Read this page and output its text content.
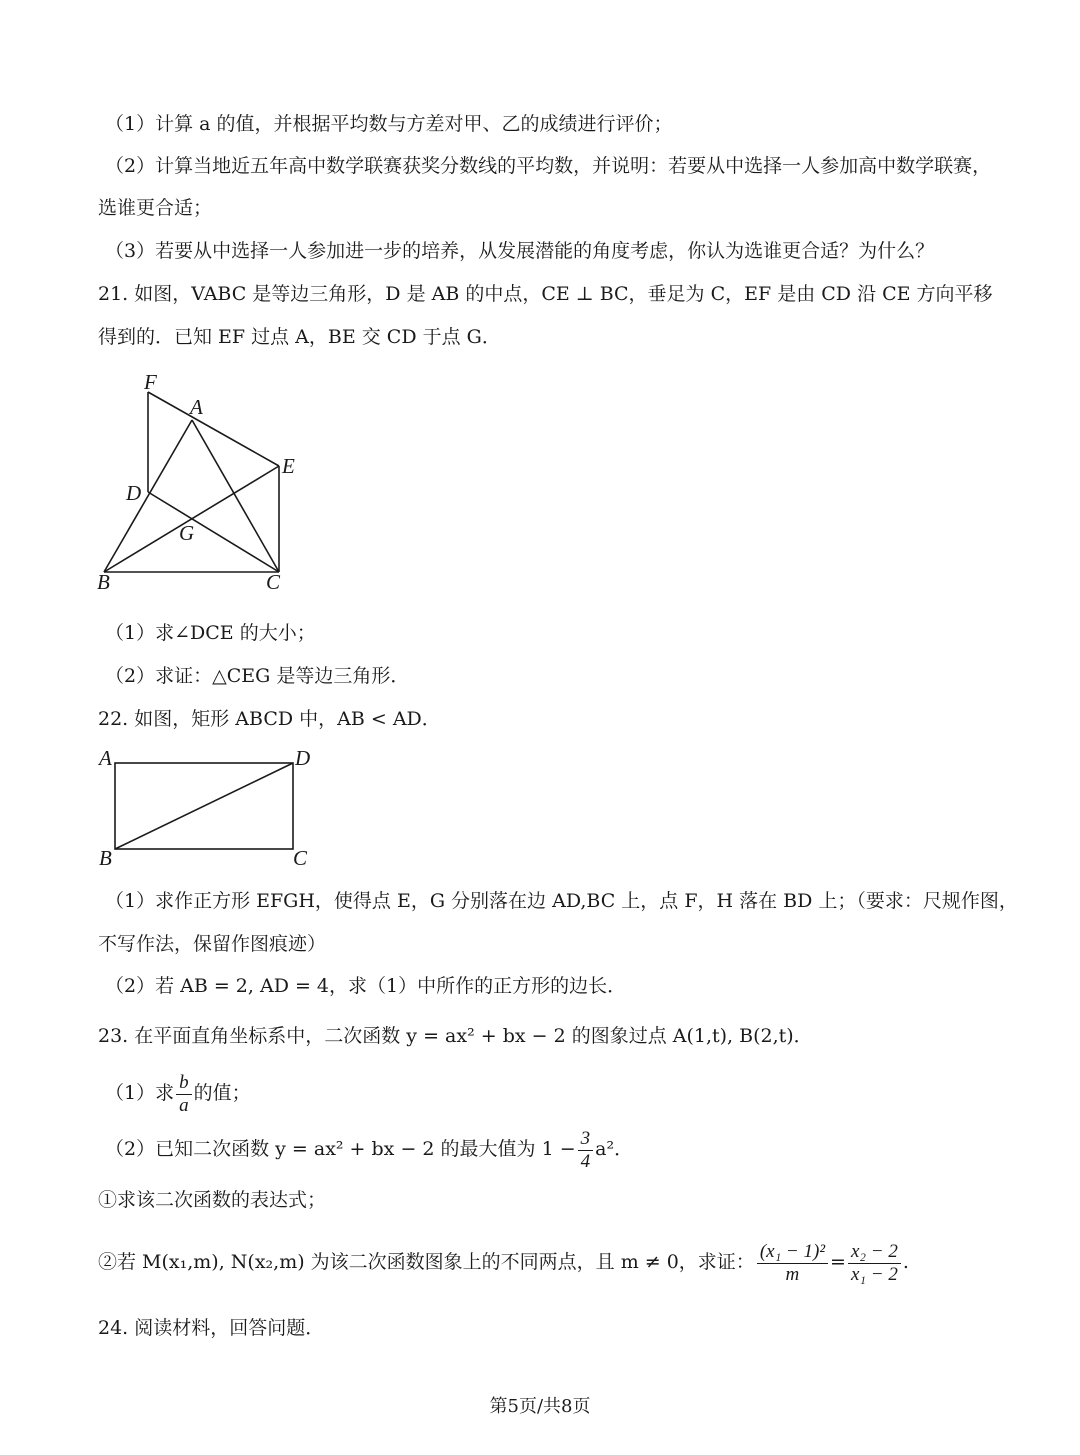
（1）计算 a 的值，并根据平均数与方差对甲、乙的成绩进行评价；
（2）计算当地近五年高中数学联赛获奖分数线的平均数，并说明：若要从中选择一人参加高中数学联赛，
选谁更合适；
（3）若要从中选择一人参加进一步的培养，从发展潜能的角度考虑，你认为选谁更合适？为什么？
21. 如图，VABC 是等边三角形，D 是 AB 的中点，CE ⊥ BC，垂足为 C，EF 是由 CD 沿 CE 方向平移
得到的．已知 EF 过点 A，BE 交 CD 于点 G．
F
A
E
D
G
B	C
（1）求∠DCE 的大小；
（2）求证：△CEG 是等边三角形．
22. 如图，矩形 ABCD 中，AB < AD．
A	D
B	C
（1）求作正方形 EFGH，使得点 E，G 分别落在边 AD,BC 上，点 F，H 落在 BD 上；（要求：尺规作图，
不写作法，保留作图痕迹）
（2）若 AB = 2, AD = 4，求（1）中所作的正方形的边长．
23. 在平面直角坐标系中，二次函数 y = ax² + bx − 2 的图象过点 A(1,t), B(2,t)．
（1）求 $\frac{b}{a}$ 的值；
（2）已知二次函数 y = ax² + bx − 2 的最大值为 $1 - \frac{3}{4} a^2$．
①求该二次函数的表达式；
②若 M(x₁,m), N(x₂,m) 为该二次函数图象上的不同两点，且 m ≠ 0，求证： $\frac{\text{(x₁ − 1)²}}{m} = \frac{\text{x₂ − 2}}{\text{x₁ − 2}}$ .
24. 阅读材料，回答问题．
第5页/共8页
